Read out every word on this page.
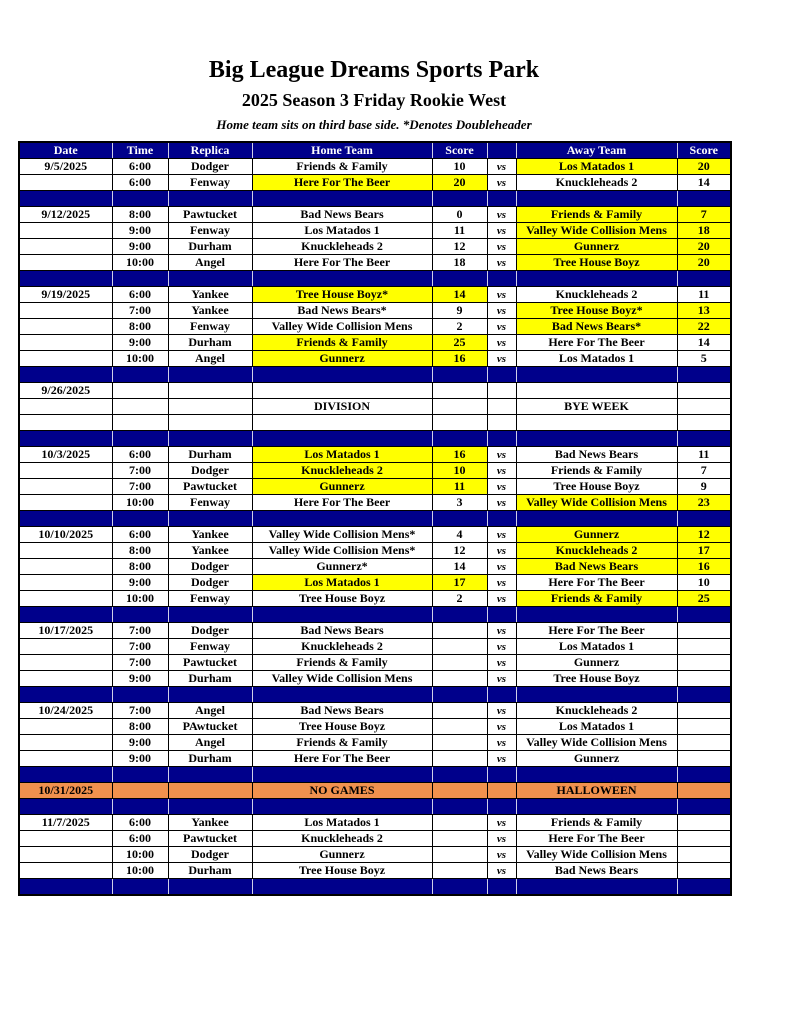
Big League Dreams Sports Park
2025 Season 3 Friday Rookie West
Home team sits on third base side. *Denotes Doubleheader
Date	Time	Replica	Home Team	Score		Away Team	Score
9/5/2025	6:00	Dodger	Friends & Family	10	vs	Los Matados 1	20
	6:00	Fenway	Here For The Beer	20	vs	Knuckleheads 2	14

9/12/2025	8:00	Pawtucket	Bad News Bears	0	vs	Friends & Family	7
	9:00	Fenway	Los Matados 1	11	vs	Valley Wide Collision Mens	18
	9:00	Durham	Knuckleheads 2	12	vs	Gunnerz	20
	10:00	Angel	Here For The Beer	18	vs	Tree House Boyz	20

9/19/2025	6:00	Yankee	Tree House Boyz*	14	vs	Knuckleheads 2	11
	7:00	Yankee	Bad News Bears*	9	vs	Tree House Boyz*	13
	8:00	Fenway	Valley Wide Collision Mens	2	vs	Bad News Bears*	22
	9:00	Durham	Friends & Family	25	vs	Here For The Beer	14
	10:00	Angel	Gunnerz	16	vs	Los Matados 1	5

9/26/2025							
			DIVISION			BYE WEEK	

10/3/2025	6:00	Durham	Los Matados 1	16	vs	Bad News Bears	11
	7:00	Dodger	Knuckleheads 2	10	vs	Friends & Family	7
	7:00	Pawtucket	Gunnerz	11	vs	Tree House Boyz	9
	10:00	Fenway	Here For The Beer	3	vs	Valley Wide Collision Mens	23

10/10/2025	6:00	Yankee	Valley Wide Collision Mens*	4	vs	Gunnerz	12
	8:00	Yankee	Valley Wide Collision Mens*	12	vs	Knuckleheads 2	17
	8:00	Dodger	Gunnerz*	14	vs	Bad News Bears	16
	9:00	Dodger	Los Matados 1	17	vs	Here For The Beer	10
	10:00	Fenway	Tree House Boyz	2	vs	Friends & Family	25

10/17/2025	7:00	Dodger	Bad News Bears		vs	Here For The Beer	
	7:00	Fenway	Knuckleheads 2		vs	Los Matados 1	
	7:00	Pawtucket	Friends & Family		vs	Gunnerz	
	9:00	Durham	Valley Wide Collision Mens		vs	Tree House Boyz	

10/24/2025	7:00	Angel	Bad News Bears		vs	Knuckleheads 2	
	8:00	PAwtucket	Tree House Boyz		vs	Los Matados 1	
	9:00	Angel	Friends & Family		vs	Valley Wide Collision Mens	
	9:00	Durham	Here For The Beer		vs	Gunnerz	

10/31/2025			NO GAMES			HALLOWEEN	

11/7/2025	6:00	Yankee	Los Matados 1		vs	Friends & Family	
	6:00	Pawtucket	Knuckleheads 2		vs	Here For The Beer	
	10:00	Dodger	Gunnerz		vs	Valley Wide Collision Mens	
	10:00	Durham	Tree House Boyz		vs	Bad News Bears	
